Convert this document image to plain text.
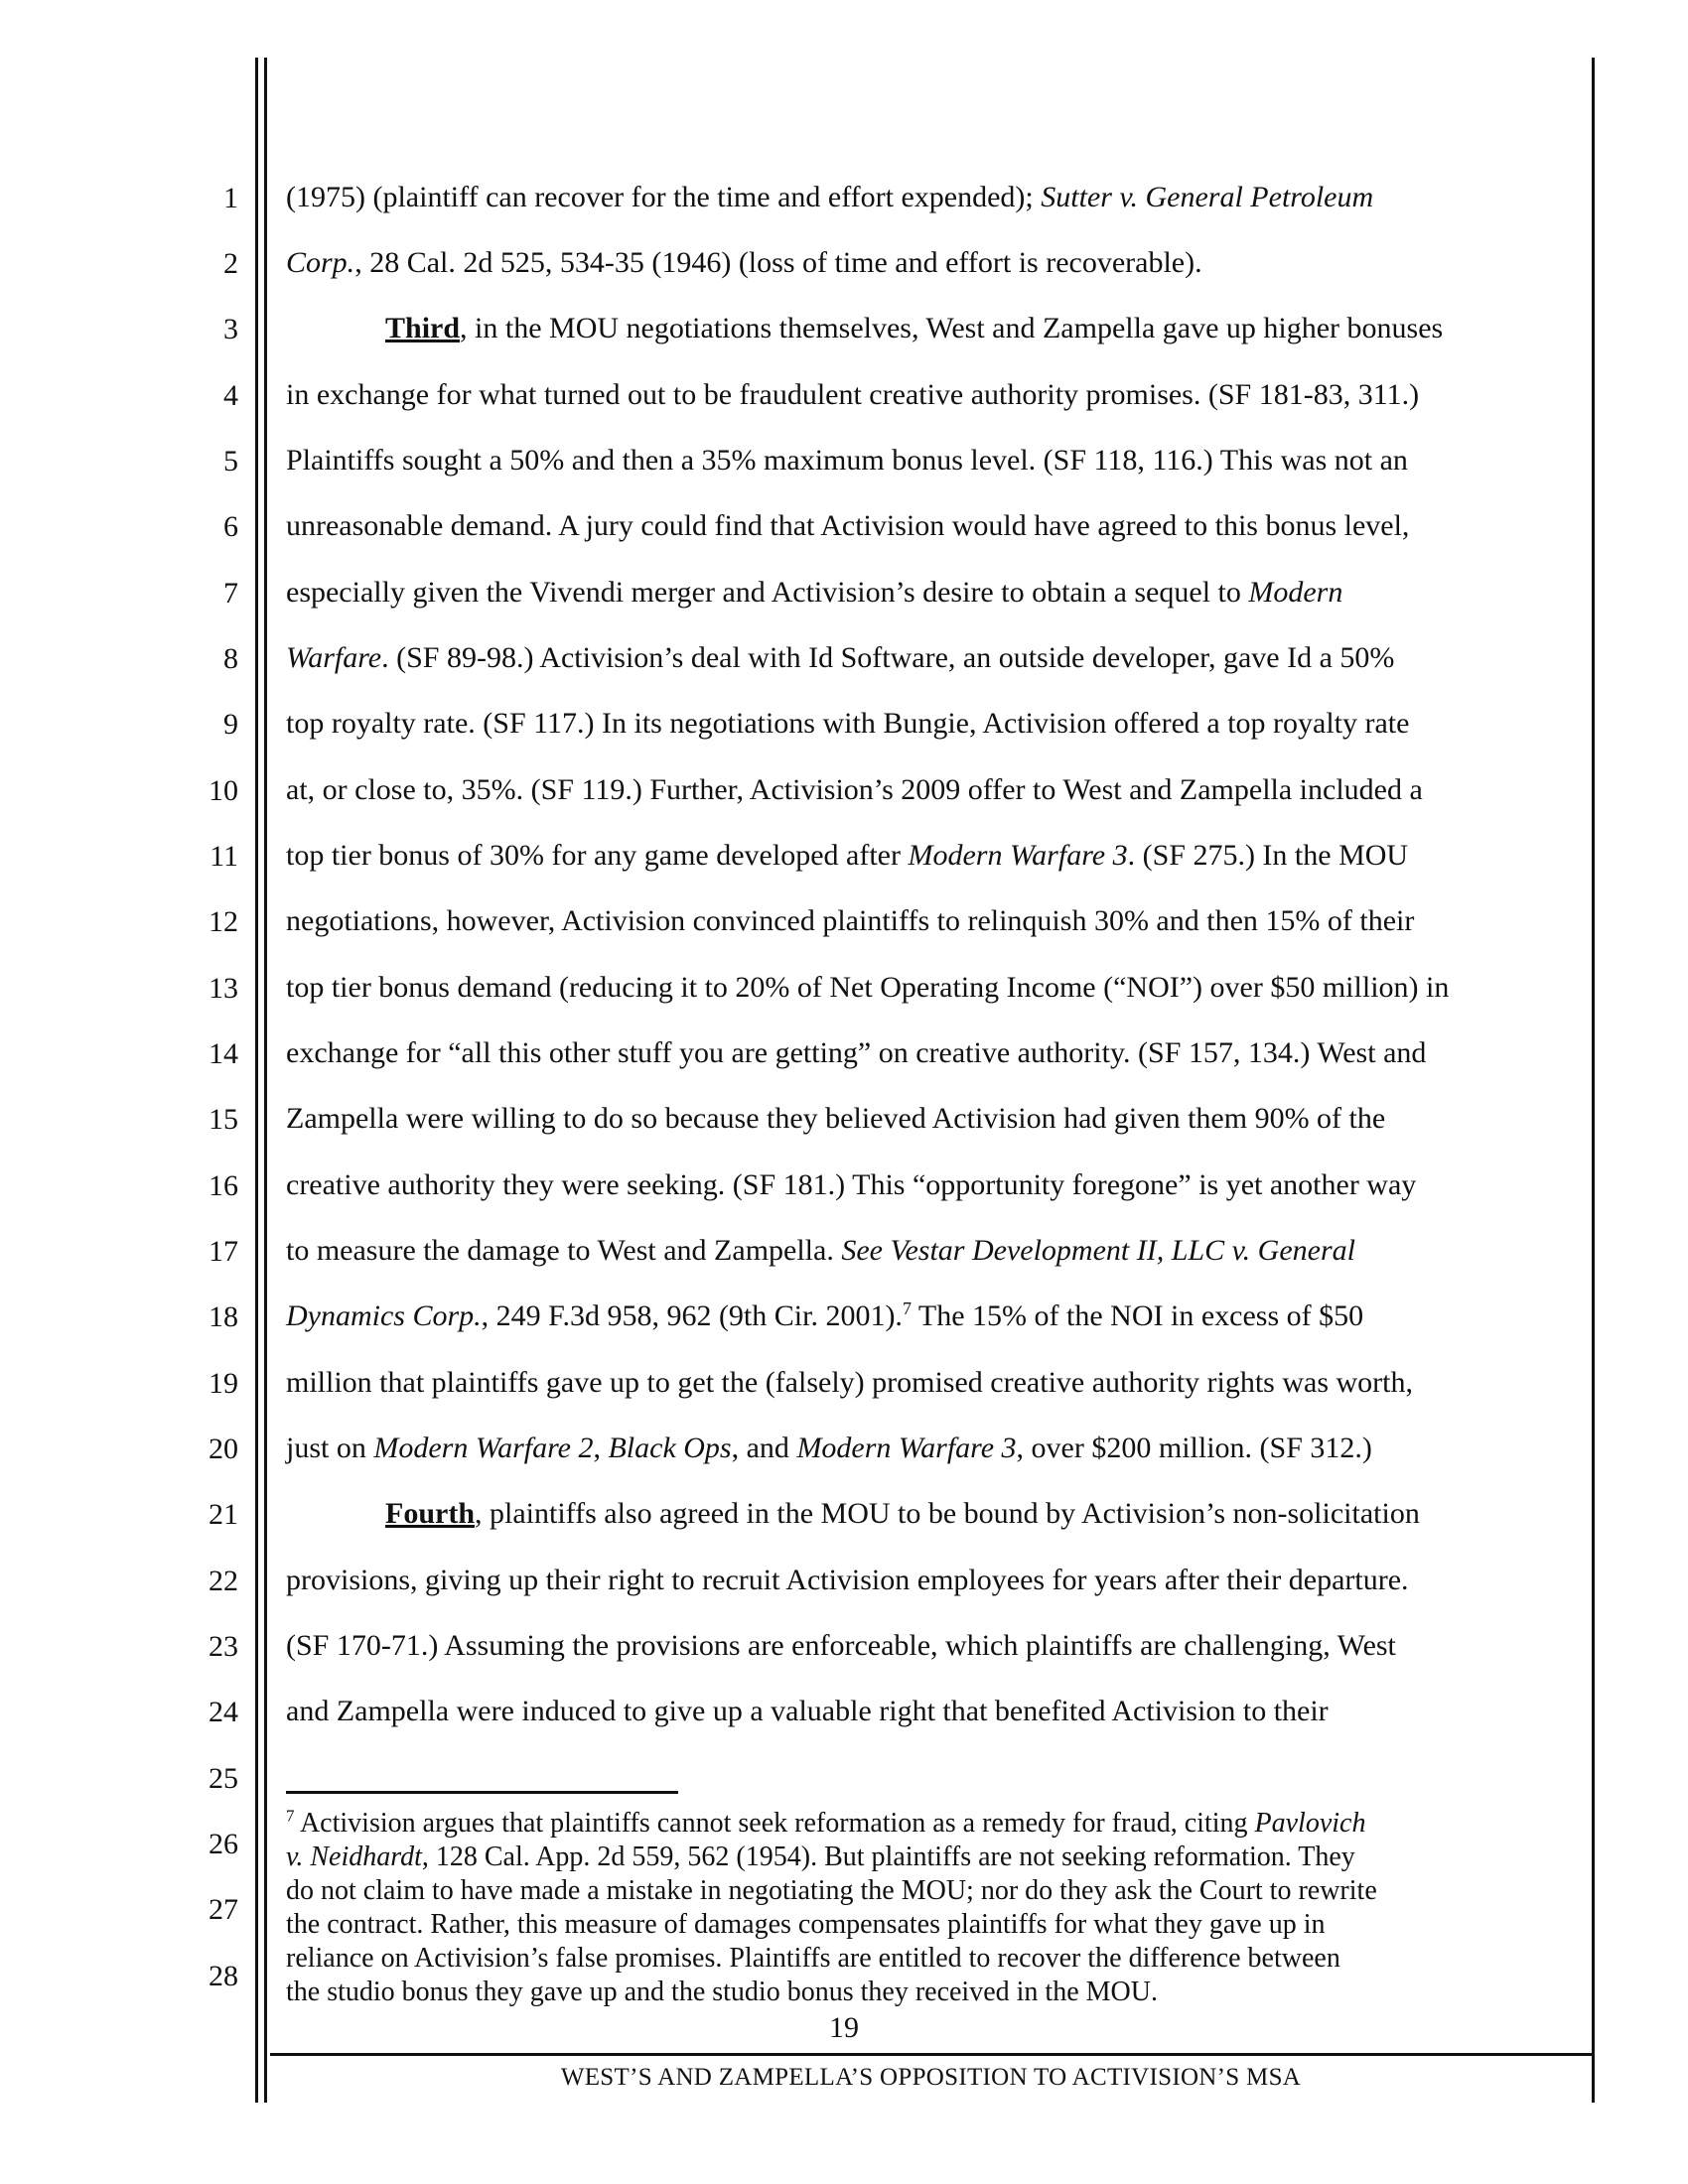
1
2
3
4
5
6
7
8
9
10
11
12
13
14
15
16
17
18
19
20
21
22
23
24
25
26
27
28
(1975) (plaintiff can recover for the time and effort expended); Sutter v. General Petroleum
Corp., 28 Cal. 2d 525, 534-35 (1946) (loss of time and effort is recoverable).
Third, in the MOU negotiations themselves, West and Zampella gave up higher bonuses
in exchange for what turned out to be fraudulent creative authority promises. (SF 181-83, 311.)
Plaintiffs sought a 50% and then a 35% maximum bonus level. (SF 118, 116.) This was not an
unreasonable demand. A jury could find that Activision would have agreed to this bonus level,
especially given the Vivendi merger and Activision’s desire to obtain a sequel to Modern
Warfare. (SF 89-98.) Activision’s deal with Id Software, an outside developer, gave Id a 50%
top royalty rate. (SF 117.) In its negotiations with Bungie, Activision offered a top royalty rate
at, or close to, 35%. (SF 119.) Further, Activision’s 2009 offer to West and Zampella included a
top tier bonus of 30% for any game developed after Modern Warfare 3. (SF 275.) In the MOU
negotiations, however, Activision convinced plaintiffs to relinquish 30% and then 15% of their
top tier bonus demand (reducing it to 20% of Net Operating Income (“NOI”) over $50 million) in
exchange for “all this other stuff you are getting” on creative authority. (SF 157, 134.) West and
Zampella were willing to do so because they believed Activision had given them 90% of the
creative authority they were seeking. (SF 181.) This “opportunity foregone” is yet another way
to measure the damage to West and Zampella. See Vestar Development II, LLC v. General
Dynamics Corp., 249 F.3d 958, 962 (9th Cir. 2001).$^7$ The 15% of the NOI in excess of $50
million that plaintiffs gave up to get the (falsely) promised creative authority rights was worth,
just on Modern Warfare 2, Black Ops, and Modern Warfare 3, over $200 million. (SF 312.)
Fourth, plaintiffs also agreed in the MOU to be bound by Activision’s non-solicitation
provisions, giving up their right to recruit Activision employees for years after their departure.
(SF 170-71.) Assuming the provisions are enforceable, which plaintiffs are challenging, West
and Zampella were induced to give up a valuable right that benefited Activision to their
$^7$ Activision argues that plaintiffs cannot seek reformation as a remedy for fraud, citing Pavlovich
v. Neidhardt, 128 Cal. App. 2d 559, 562 (1954). But plaintiffs are not seeking reformation. They
do not claim to have made a mistake in negotiating the MOU; nor do they ask the Court to rewrite
the contract. Rather, this measure of damages compensates plaintiffs for what they gave up in
reliance on Activision’s false promises. Plaintiffs are entitled to recover the difference between
the studio bonus they gave up and the studio bonus they received in the MOU.
19
WEST’S AND ZAMPELLA’S OPPOSITION TO ACTIVISION’S MSA
